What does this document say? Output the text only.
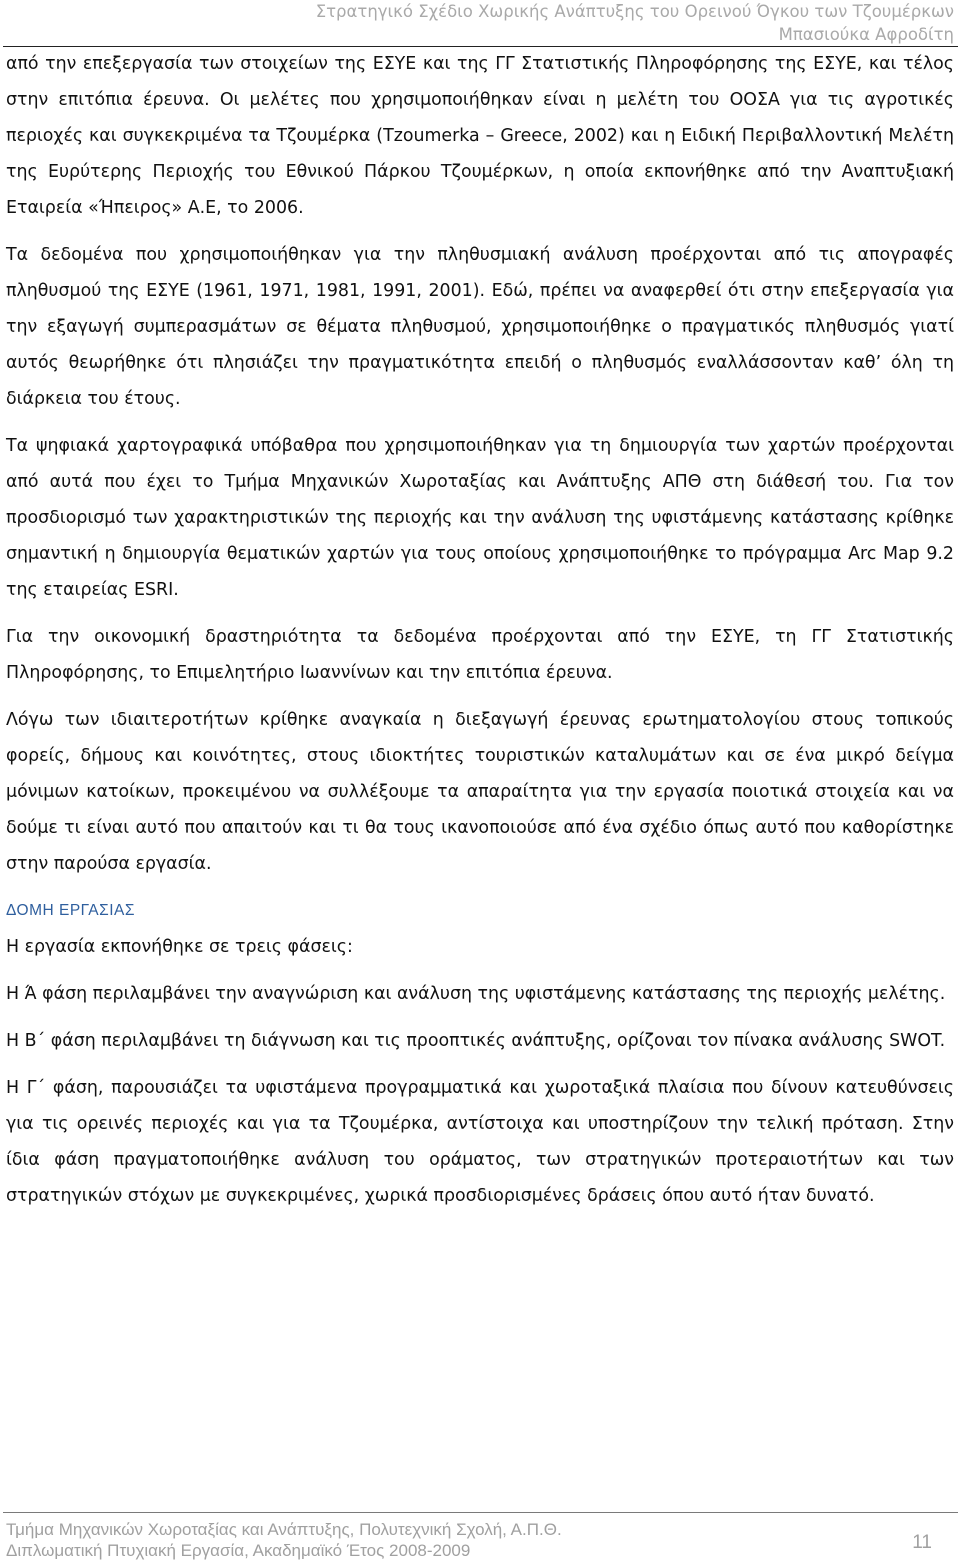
Στρατηγικό Σχέδιο Χωρικής Ανάπτυξης του Ορεινού Όγκου των Τζουμέρκων
Μπασιούκα Αφροδίτη

από την επεξεργασία των στοιχείων της ΕΣΥΕ και της ΓΓ Στατιστικής Πληροφόρησης της ΕΣΥΕ, και τέλος στην επιτόπια έρευνα. Οι μελέτες που χρησιμοποιήθηκαν είναι η μελέτη του ΟΟΣΑ για τις αγροτικές περιοχές και συγκεκριμένα τα Τζουμέρκα (Tzoumerka – Greece, 2002) και η Ειδική Περιβαλλοντική Μελέτη της Ευρύτερης Περιοχής του Εθνικού Πάρκου Τζουμέρκων, η οποία εκπονήθηκε από την Αναπτυξιακή Εταιρεία «Ήπειρος» Α.Ε, το 2006.

Τα δεδομένα που χρησιμοποιήθηκαν για την πληθυσμιακή ανάλυση προέρχονται από τις απογραφές πληθυσμού της ΕΣΥΕ (1961, 1971, 1981, 1991, 2001). Εδώ, πρέπει να αναφερθεί ότι στην επεξεργασία για την εξαγωγή συμπερασμάτων σε θέματα πληθυσμού, χρησιμοποιήθηκε ο πραγματικός πληθυσμός γιατί αυτός θεωρήθηκε ότι πλησιάζει την πραγματικότητα επειδή ο πληθυσμός εναλλάσσονταν καθ’ όλη τη διάρκεια του έτους.

Τα ψηφιακά χαρτογραφικά υπόβαθρα που χρησιμοποιήθηκαν για τη δημιουργία των χαρτών προέρχονται από αυτά που έχει το Τμήμα Μηχανικών Χωροταξίας και Ανάπτυξης ΑΠΘ στη διάθεσή του. Για τον προσδιορισμό των χαρακτηριστικών της περιοχής και την ανάλυση της υφιστάμενης κατάστασης κρίθηκε σημαντική η δημιουργία θεματικών χαρτών για τους οποίους χρησιμοποιήθηκε το πρόγραμμα Arc Map 9.2 της εταιρείας ESRI.

Για την οικονομική δραστηριότητα τα δεδομένα προέρχονται από την ΕΣΥΕ, τη ΓΓ Στατιστικής Πληροφόρησης, το Επιμελητήριο Ιωαννίνων και την επιτόπια έρευνα.

Λόγω των ιδιαιτεροτήτων κρίθηκε αναγκαία η διεξαγωγή έρευνας ερωτηματολογίου στους τοπικούς φορείς, δήμους και κοινότητες, στους ιδιοκτήτες τουριστικών καταλυμάτων και σε ένα μικρό δείγμα μόνιμων κατοίκων, προκειμένου να συλλέξουμε τα απαραίτητα για την εργασία ποιοτικά στοιχεία και να δούμε τι είναι αυτό που απαιτούν και τι θα τους ικανοποιούσε από ένα σχέδιο όπως αυτό που καθορίστηκε στην παρούσα εργασία.

ΔΟΜΗ ΕΡΓΑΣΙΑΣ

Η εργασία εκπονήθηκε σε τρεις φάσεις:

Η Ά φάση περιλαμβάνει την αναγνώριση και ανάλυση της υφιστάμενης κατάστασης της περιοχής μελέτης.

Η Β΄ φάση περιλαμβάνει τη διάγνωση και τις προοπτικές ανάπτυξης, ορίζοναι τον πίνακα ανάλυσης SWOT.

Η Γ΄ φάση, παρουσιάζει τα υφιστάμενα προγραμματικά και χωροταξικά πλαίσια που δίνουν κατευθύνσεις για τις ορεινές περιοχές και για τα Τζουμέρκα, αντίστοιχα και υποστηρίζουν την τελική πρόταση. Στην ίδια φάση πραγματοποιήθηκε ανάλυση του οράματος, των στρατηγικών προτεραιοτήτων και των στρατηγικών στόχων με συγκεκριμένες, χωρικά προσδιορισμένες δράσεις όπου αυτό ήταν δυνατό.

Τμήμα Μηχανικών Χωροταξίας και Ανάπτυξης, Πολυτεχνική Σχολή, Α.Π.Θ.
Διπλωματική Πτυχιακή Εργασία, Ακαδημαϊκό Έτος 2008-2009	11
